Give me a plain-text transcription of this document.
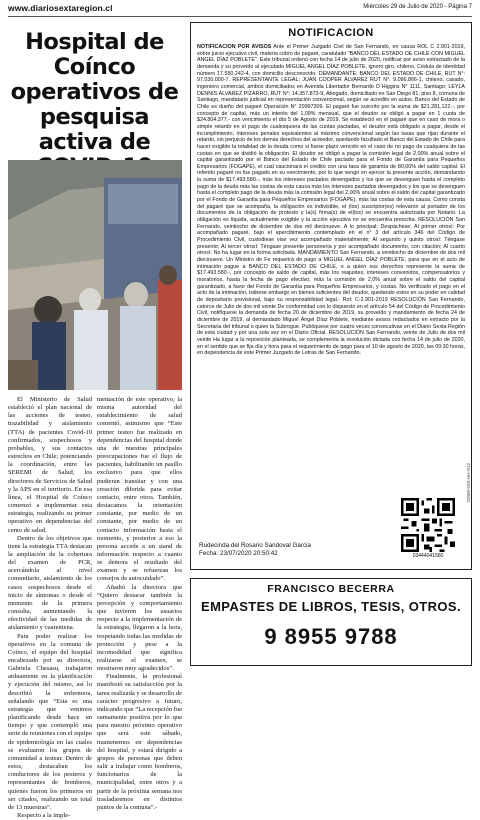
www.diariosextaregion.cl	Miércoles 29 de Julio de 2020 - Página 7
Hospital de Coínco operativos de pesquisa activa de

El Ministerio de Salud estableció el plan nacional de las acciones de testeo, trazabilidad y aislamiento (TTA) de pacientes Covid-19 confirmados, sospechosos y probables, y sus contactos estrechos en Chile; potenciando la coordinación, entre las SEREMI de Salud, los directores de Servicios de Salud y la APS en el territorio. En esa línea, el Hospital de Coínco comenzó a implementar esta estrategia, realizando su primer operativo en dependencias del cento de salud.

Dentro de los objetivos que tiene la estrategia TTA destacan la ampliación de la cobertura del examen de PCR, acercándola al nivel comunitario, aislamiento de los casos sospechosos desde el inicio de síntomas o desde el momento de la primera consulta, aumentando la efectividad de las medidas de aislamiento y cuarentena.

Para poder realizar los operativos en la comuna de Coínco, el equipo del hospital encabezado por su directora, Gabriela Chesasu, trabajaron arduamente en la planificación y ejecución del mismo, así lo describió la enfermera, señalando que “Esta es una estrategia que venimos planificando desde hace un tiempo y que contempló una serie de reuniones con el equipo de epidemiología en las cuales se evaluaron los grupos de comunidad a testear. Dentro de estos, destacaban los conductores de los pesteros y representantes de bomberos, quienes fueron los primeros en ser citados, realizando un total de 13 muestras”.

Respecto a la imple-

mentación de este operativo, la misma autoridad del establecimiento de salud comentó, asimismo que “Este primer testeo fue realizado en dependencias del hospital donde una de nuestras principales preocupaciones fue el flujo de pacientes, habilitando un pasillo exclusivo para que ellos pudieran transitar y con una creación diferida para evitar contacto, entre otros. También, destacamos la orientación constante, por medio de un constante, por medio de un contacto información hasta el momento, y posterior a eso la persona accede a un stand de información respecto a cuanto se demora el resultado del examen y se refuerzan los consejos de autocuidado”.

Añadió la directora que “Quiero destacar también la percepción y comportamiento que tuvieron los usuarios respecto a la implementación de la estrategia, llegaron a la hora, respetando todas las medidas de protección y pese a la incomodidad que significa realizarse el examen, se mostraron muy agradecidos”.

Finalmente, la profesional manifestó su satisfacción por la tarea realizada y se desarrollo de carácter progresivo a futuro, indicando que “La recepción fue sumamente positiva por lo que para nuestro próximo operativo que será este sábado, mantenemos en dependencias del hospital, y estará dirigido a grupos de personas que deben salir a trabajar como bomberos, funcionarios de la municipalidad, entre otros y a partir de la próxima semana nos trasladaremos en distintos puntos de la comuna”.-

NOTIFICACION

NOTIFICACION POR AVISOS Ante el Primer Juzgado Civil de San Fernando, en causa ROL C 2.901-2019, sobre juicio ejecutivo civil, materia cobro de pagaré, caratulado "BANCO DEL ESTADO DE CHILE CON MIGUEL ANGEL DÍAZ POBLETE". Este tribunal ordenó con fecha 14 de julio de 2020, notificar por aviso extractado de la demanda y su proveído al ejecutado MIGUEL ANGEL DÍAZ POBLETE, ignoro giro, chileno, Cédula de identidad número 17.550.242-4, con domicilio desconocido. DEMANDANTE: BANCO DEL ESTADO DE CHILE, RUT N°: 97.030.000-7. REPRESENTANTE LEGAL: JUAN COOPER ÁLVAREZ RUT N°. 9.096.866-1, chileno, casado, ingeniero comercial, ambos domiciliados en Avenida Libertador Bernardo O´Higgins N° 1111, Santiago; LEYLA DENNIS ÁLVAREZ PIZARRO, RUT N°: 14.357.873-9, Abogado, domiciliado en San Diego 81, piso 8, comuna de Santiago, mandatario judicial en representación convencional, según se acredito en autos. Banco del Estado de Chile es dueño del pagaré Operación N° 20997309. El pagaré fue suscrito por la suma de $21.281.122.-, por concepto de capital, más un interés del 1,09% mensual, que el deudor se obligó a pagar en 1 cuota de $24.804.377.- con vencimiento el día 5 de Agosto de 2019. Se estableció en el pagaré que en caso de mora o simple retardo en el pago de cualesquiera de las cuotas pactadas, el deudor está obligado a pagar, desde el incumplimiento, intereses penales equivalentes al máximo convencional según las tasas que rijan durante el retardo, sin perjuicio de los demás derechos del acreedor, quedando facultado el Banco del Estado de Chile para hacer exigible la totalidad de la deuda como si fuese plazo vencido en el caso de no pago de cualquiera de las cuotas en que se dividió la obligación. El deudor se obligó a pagar la comisión legal de 2,00% anual sobre el capital garantizado por el Banco del Estado de Chile pactado para el Fondo de Garantía para Pequeños Empresarios (FOGAPE), el cual caucionará el crédito con una tasa de garantía de 80,00% del saldo capital. El referido pagaré no fue pagado en su vencimiento, por lo que vengo en ejercer la presente acción, demandando la suma de $17.493.580.-, más los intereses pactados devengados y los que se devenguen hasta el completo pago de la deuda más las costas de esta causa más los intereses pactados devengados y los que se devenguen hasta el completo pago de la deuda más la comisión legal del 2.00% anual sobre el saldo del capital garantizado por el Fondo de Garantía para Pequeños Empresarios (FOGAPE), más las costas de esta causa. Como consta del pagaré que se acompaña, la obligación es indivisible, el (los) suscriptor(es) relevaron al portador de los documentos de la obligación de protesto y la(s) firma(s) de el(los) se encuentra autorizada por Notario. La obligación es líquida, actualmente exigible y la acción ejecutiva no se encuentra prescrita. RESOLUCIÓN San Fernando, veintiocho de diciembre de dos mil diecinueve. A lo principal: Despáchese; Al primer otrosí: Por acompañado pagaré, bajo el apercibimiento contemplado en el n° 3 del artículo 346 del Código de Procedimiento Civil, custodiese vise vez acompañado materialmente; Al segundo y quinto otrosí: Téngase presente; Al tercer otrosí: Téngase presente personería y por acompañado documento, con citación; Al cuarto otrosí: No ha lugar en la forma solicitada. MANDAMIENTO San Fernando, a veintiocho de diciembre de dos mil diecinueve. Un Ministro de Fe requerirá de pago a MIGUEL ANGEL DÍAZ POBLETE, para que en el acto de intimación pague a BANCO DEL ESTADO DE CHILE, o a quien sus derechos represente la suma de $17.493.580.-, por concepto de saldo de capital, más los reajustes, intereses convenidos, compensatorios y moratorios, hasta la fecha de pago efectivo, más la comisión de 2,0% anual sobre el saldo del capital garantizado, a favor del Fondo de Garantía para Pequeños Empresarios, y costas. No verificado el pago en el acto de la intimación, trábese embargo en bienes suficientes del deudor, quedando estos en su poder en calidad de depositario provisional, bajo su responsabilidad legal.- Rol: C-2.901-2019 RESOLUCIÓN San Fernando, catorce de Julio de dos mil veinte De conformidad con lo dispuesto en el artículo 54 del Código de Procedimiento Civil, notifíquese la demanda de fecha 20 de diciembre de 2019, su proveído y mandamiento de fecha 24 de diciembre de 2019, al demandado Miguel Ángel Díaz Poblete, mediante avisos redactados en extracto por la Secretaria del tribunal o quien la Subrogue. Publíquese por cuatro veces consecutivas en el Diario Sexta Región de esta ciudad y por una sola vez en el Diario Oficial. RESOLUCIÓN San Fernando, veinte de Julio de dos mil veinte Ha lugar a la reposición planteada, se complementa la resolución dictada con fecha 14 de julio de 2020, en el sentido que se fija día y hora para el requerimiento de pago para el 10 de agosto de 2020, las 09:30 horas, en dependencia de este Primer Juzgado de Letras de San Fernando.

22000-03S-HH-S12
Rudecinda del Rosario Sandoval Garcia
Fecha: 23/07/2020 20:50:42	03444041560
FRANCISCO BECERRA
EMPASTES DE LIBROS, TESIS, OTROS.
9 8955 9788
